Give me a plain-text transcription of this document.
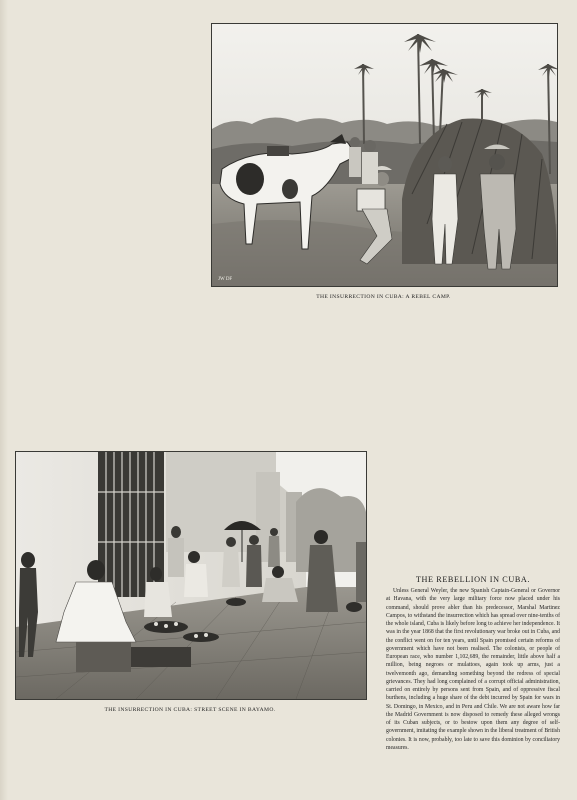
JW DF

THE INSURRECTION IN CUBA: A REBEL CAMP.

THE INSURRECTION IN CUBA: STREET SCENE IN BAYAMO.

THE REBELLION IN CUBA.

Unless General Weyler, the new Spanish Captain-General or Governor at Havana, with the very large military force now placed under his command, should prove abler than his predecessor, Marshal Martinez Campos, to withstand the insurrection which has spread over nine-tenths of the whole island, Cuba is likely before long to achieve her independence. It was in the year 1868 that the first revolutionary war broke out in Cuba, and the conflict went on for ten years, until Spain promised certain reforms of government which have not been realised. The colonists, or people of European race, who number 1,102,689, the remainder, little above half a million, being negroes or mulattoes, again took up arms, just a twelvemonth ago, demanding something beyond the redress of special grievances. They had long complained of a corrupt official administration, carried on entirely by persons sent from Spain, and of oppressive fiscal burthens, including a huge share of the debt incurred by Spain for wars in St. Domingo, in Mexico, and in Peru and Chile. We are not aware how far the Madrid Government is now disposed to remedy these alleged wrongs of its Cuban subjects, or to bestow upon them any degree of self-government, imitating the example shown in the liberal treatment of British colonies. It is now, probably, too late to save this dominion by conciliatory measures.
